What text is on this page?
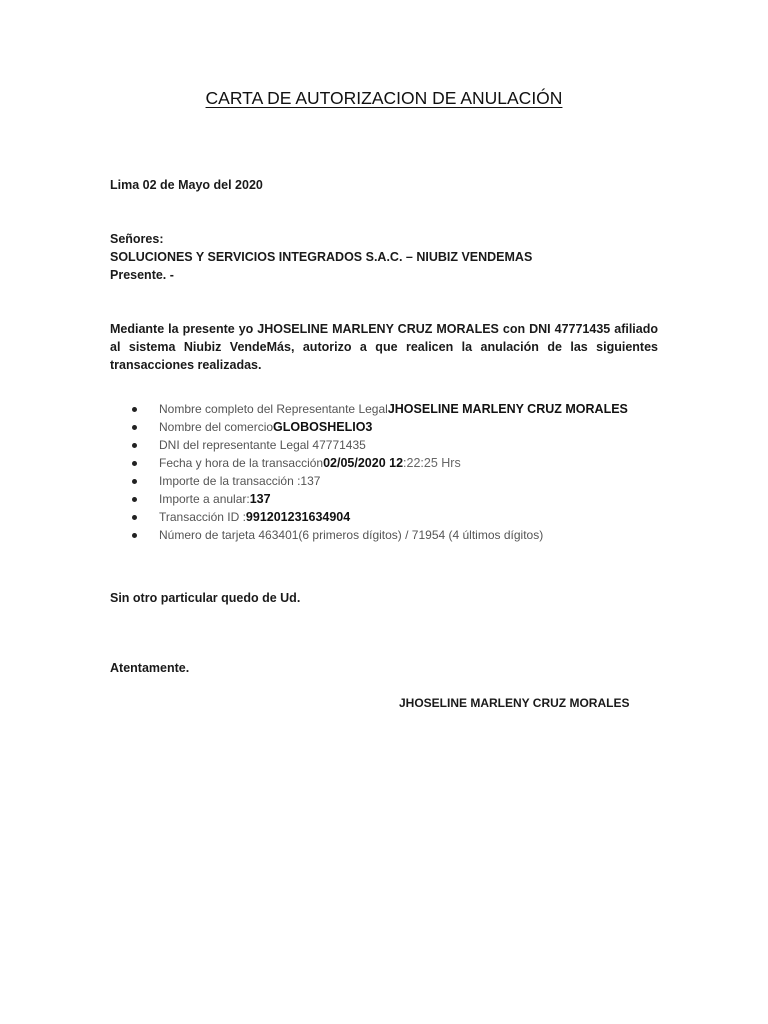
CARTA DE AUTORIZACION DE ANULACIÓN
Lima 02 de Mayo del 2020
Señores:
SOLUCIONES Y SERVICIOS INTEGRADOS S.A.C. – NIUBIZ VENDEMAS
Presente. -
Mediante la presente yo JHOSELINE MARLENY CRUZ MORALES con DNI 47771435 afiliado al sistema Niubiz VendeMás, autorizo a que realicen la anulación de las siguientes transacciones realizadas.
Nombre completo del Representante Legal JHOSELINE MARLENY CRUZ MORALES
Nombre del comercio GLOBOSHELIO3
DNI del representante Legal 47771435
Fecha y hora de la transacción 02/05/2020 12 :22:25 Hrs
Importe de la transacción :137
Importe a anular: 137
Transacción ID : 991201231634904
Número de tarjeta 463401(6 primeros dígitos) / 71954 (4 últimos dígitos )
Sin otro particular quedo de Ud.
Atentamente.
JHOSELINE MARLENY CRUZ MORALES
